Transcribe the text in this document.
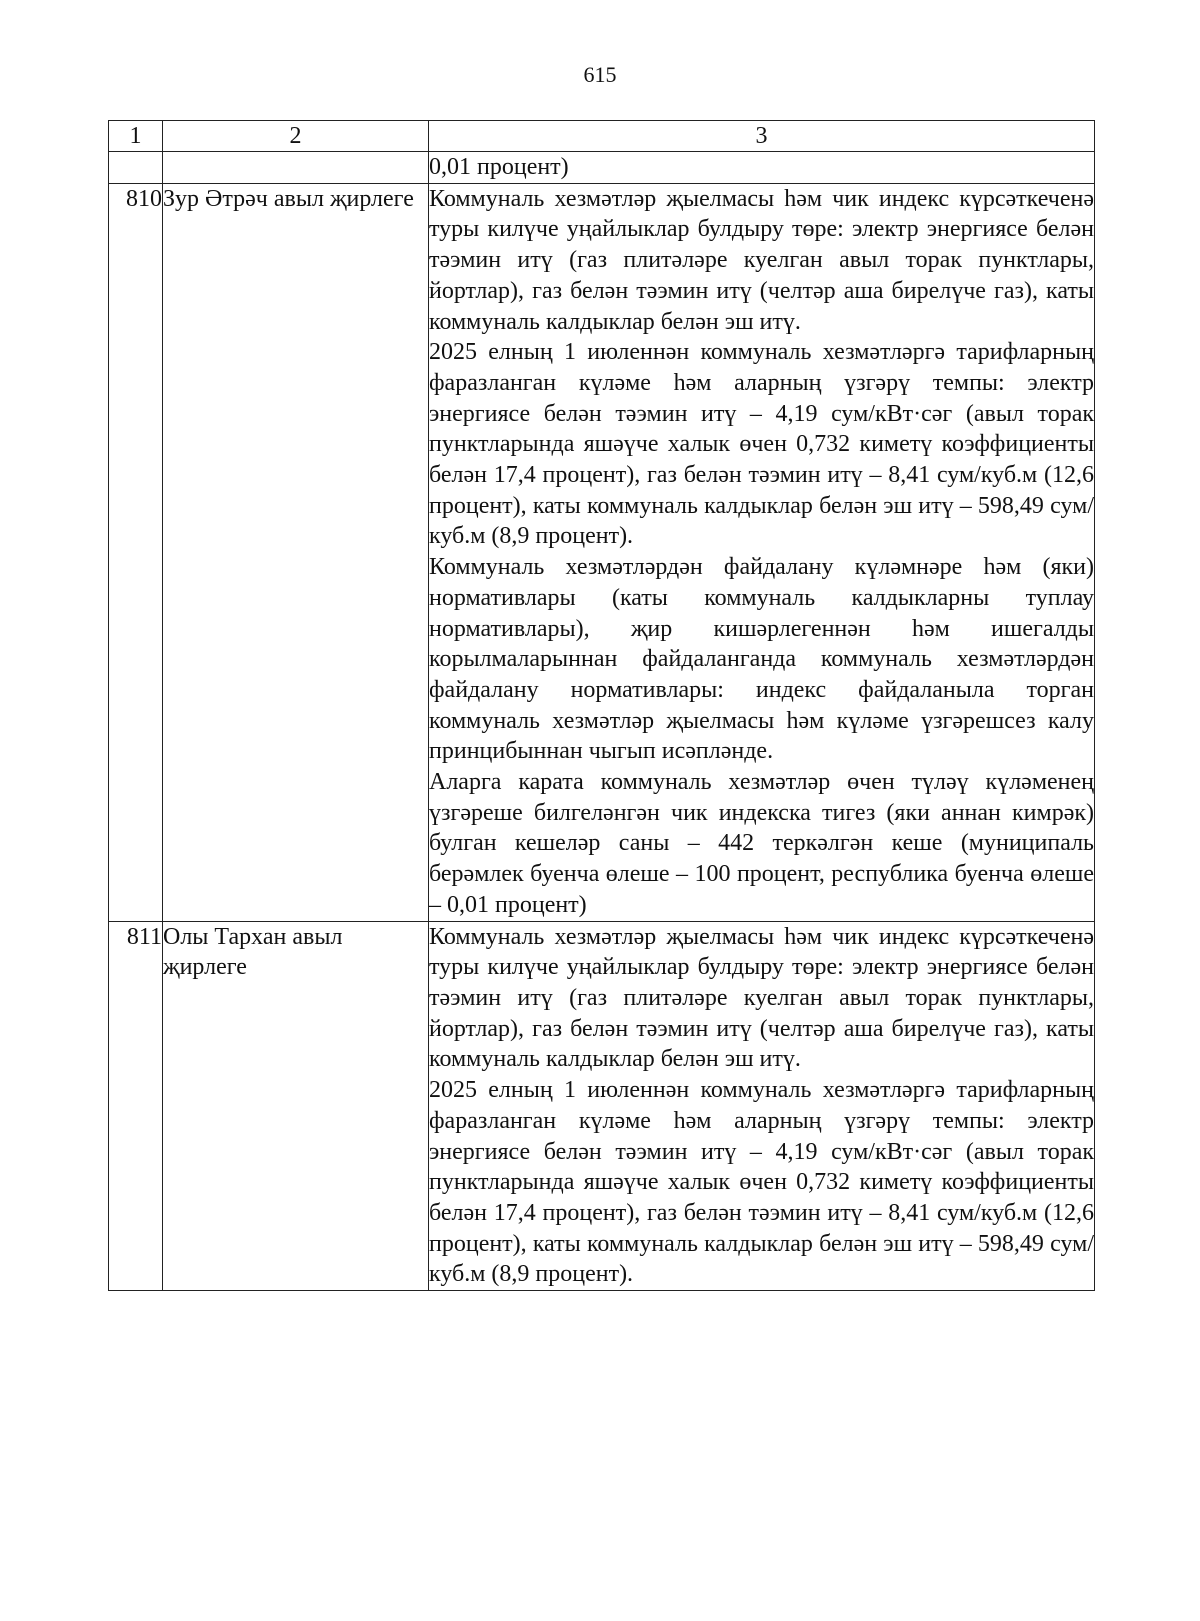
615
1	2	3

		0,01 процент)

810	Зур Әтрәч авыл җирлеге	Коммуналь хезмәтләр җыелмасы һәм чик индекс күрсәткеченә туры килүче уңайлыклар булдыру төре: электр энергиясе белән тәэмин итү (газ плитәләре куелган авыл торак пунктлары, йортлар), газ белән тәэмин итү (челтәр аша бирелүче газ), каты коммуналь калдыклар белән эш итү.

2025 елның 1 июленнән коммуналь хезмәтләргә тарифларның фаразланган күләме һәм аларның үзгәрү темпы: электр энергиясе белән тәэмин итү – 4,19 сум/кВт·сәг (авыл торак пунктларында яшәүче халык өчен 0,732 киметү коэффициенты белән 17,4 процент), газ белән тәэмин итү – 8,41 сум/куб.м (12,6 процент), каты коммуналь калдыклар белән эш итү – 598,49 сум/куб.м (8,9 процент).

Коммуналь хезмәтләрдән файдалану күләмнәре һәм (яки) нормативлары (каты коммуналь калдыкларны туплау нормативлары), җир кишәрлегеннән һәм ишегалды корылмаларыннан файдаланганда коммуналь хезмәтләрдән файдалану нормативлары: индекс файдаланыла торган коммуналь хезмәтләр җыелмасы һәм күләме үзгәрешсез калу принцибыннан чыгып исәпләнде.

Аларга карата коммуналь хезмәтләр өчен түләү күләменең үзгәреше билгеләнгән чик индекска тигез (яки аннан кимрәк) булган кешеләр саны – 442 теркәлгән кеше (муниципаль берәмлек буенча өлеше – 100 процент, республика буенча өлеше – 0,01 процент)

811	Олы Тархан авыл җирлеге	Коммуналь хезмәтләр җыелмасы һәм чик индекс күрсәткеченә туры килүче уңайлыклар булдыру төре: электр энергиясе белән тәэмин итү (газ плитәләре куелган авыл торак пунктлары, йортлар), газ белән тәэмин итү (челтәр аша бирелүче газ), каты коммуналь калдыклар белән эш итү.

2025 елның 1 июленнән коммуналь хезмәтләргә тарифларның фаразланган күләме һәм аларның үзгәрү темпы: электр энергиясе белән тәэмин итү – 4,19 сум/кВт·сәг (авыл торак пунктларында яшәүче халык өчен 0,732 киметү коэффициенты белән 17,4 процент), газ белән тәэмин итү – 8,41 сум/куб.м (12,6 процент), каты коммуналь калдыклар белән эш итү – 598,49 сум/куб.м (8,9 процент).
